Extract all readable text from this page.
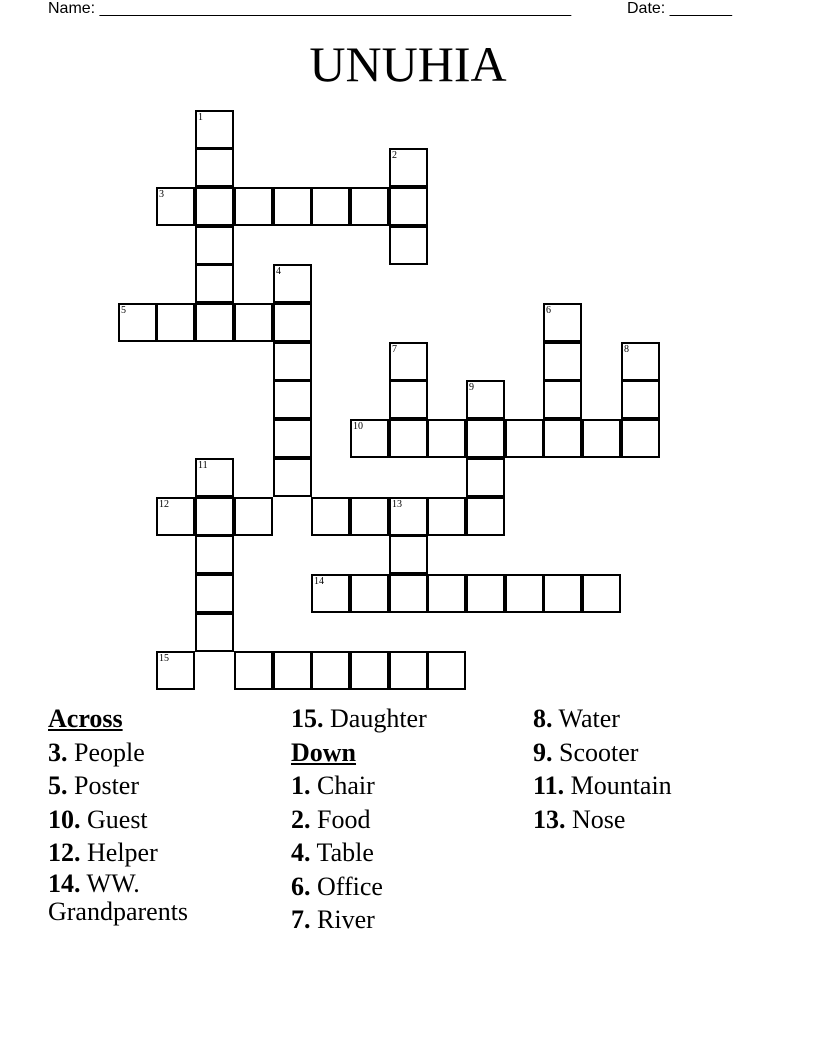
Name: _____________________________________________________	Date: _______
UNUHIA
1
2
3
4
5	6
7	8
9
10
11
12	13
14
15
Across
3. People
5. Poster
10. Guest
12. Helper
14. WW. Grandparents
15. Daughter
Down
1. Chair
2. Food
4. Table
6. Office
7. River
8. Water
9. Scooter
11. Mountain
13. Nose
